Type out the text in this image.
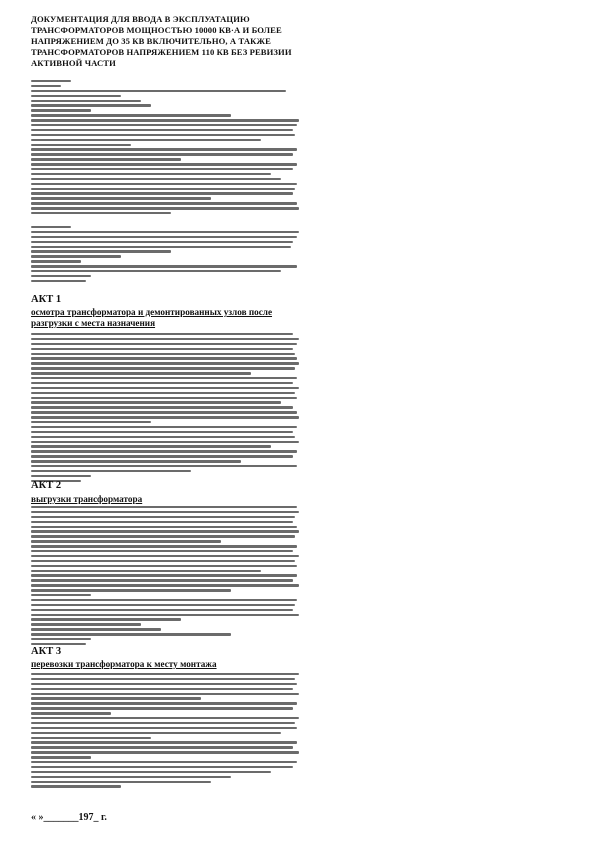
ДОКУМЕНТАЦИЯ ДЛЯ ВВОДА В ЭКСПЛУАТАЦИЮ ТРАНСФОРМАТОРОВ МОЩНОСТЬЮ 10000 КВ·А И БОЛЕЕ НАПРЯЖЕНИЕМ ДО 35 КВ ВКЛЮЧИТЕЛЬНО, А ТАКЖЕ ТРАНСФОРМАТОРОВ НАПРЯЖЕНИЕМ 110 КВ БЕЗ РЕВИЗИИ АКТИВНОЙ ЧАСТИ
АКТ 1
осмотра трансформатора и демонтированных узлов после разгрузки с места назначения
АКТ 2
выгрузки трансформатора
АКТ 3
перевозки трансформатора к месту монтажа
« »_______197_ г.
